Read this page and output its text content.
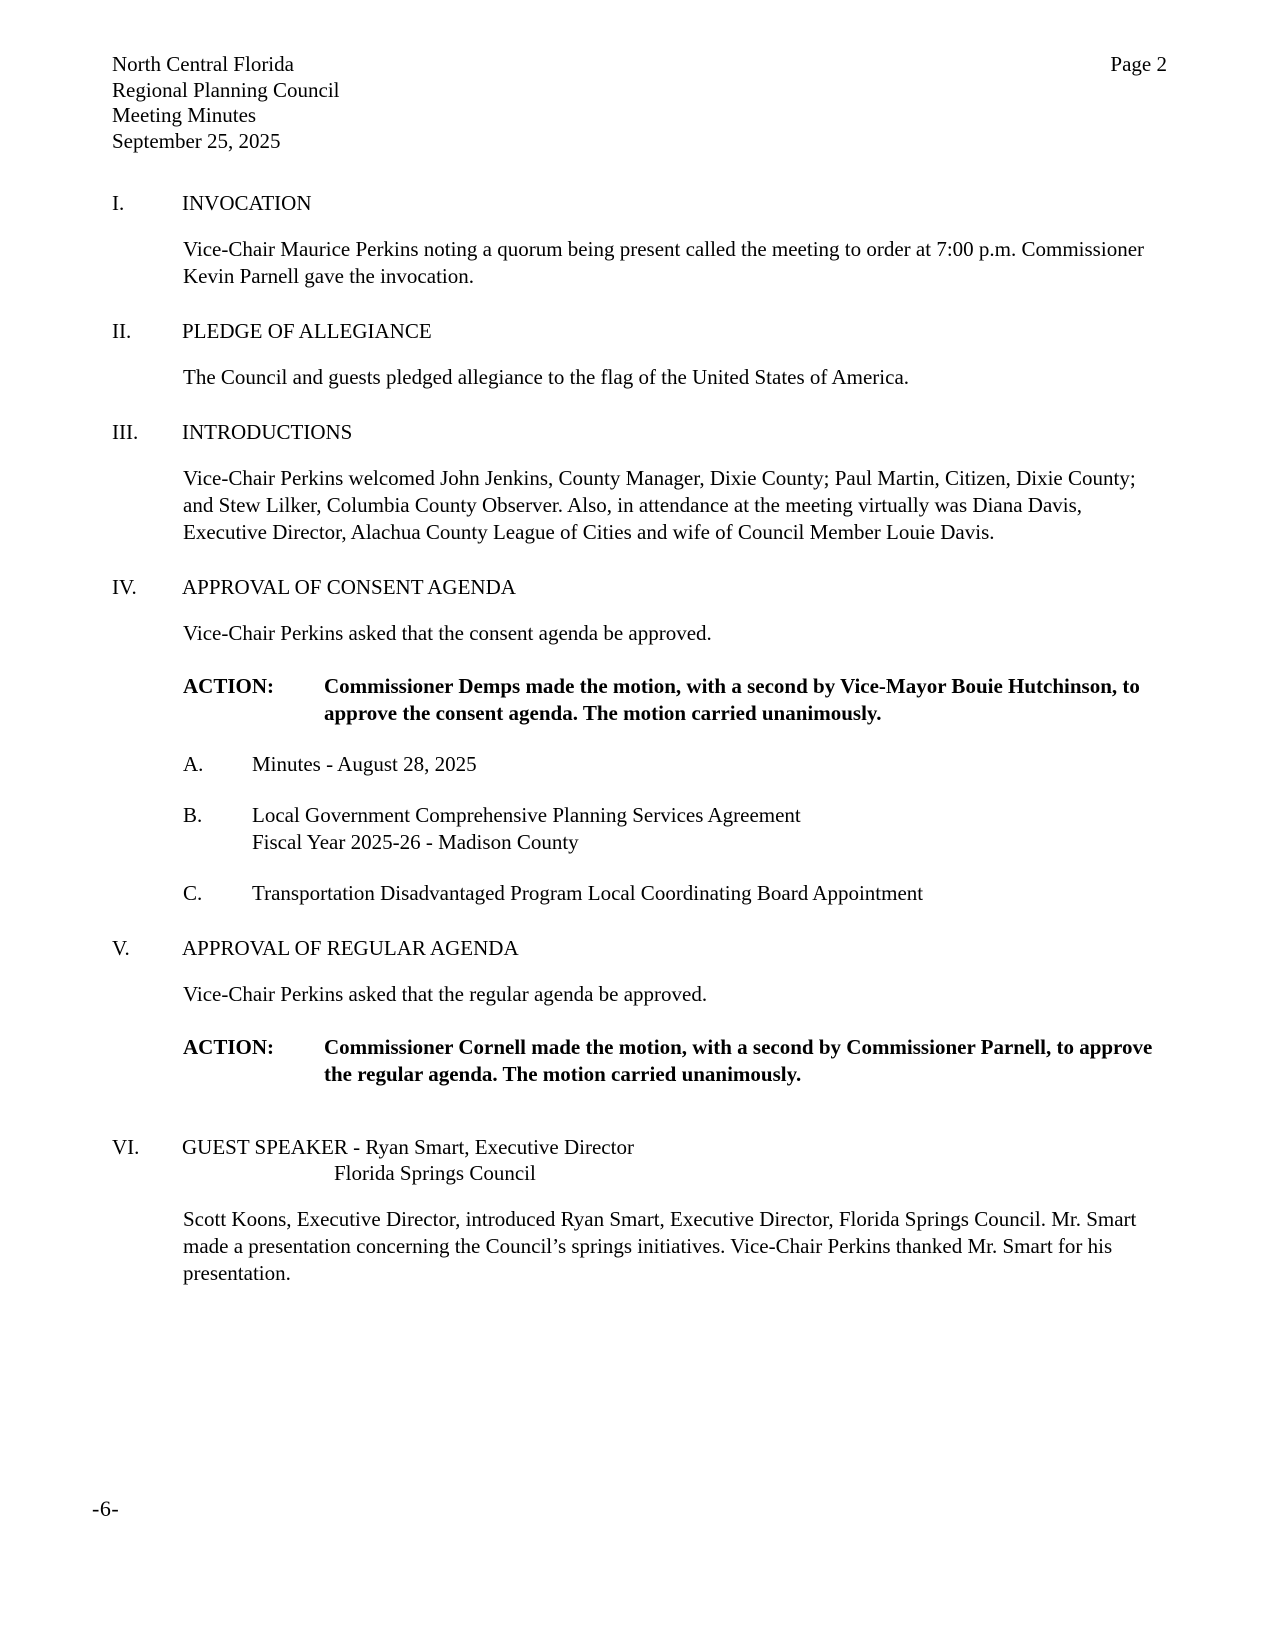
North Central Florida
Regional Planning Council
Meeting Minutes
September 25, 2025
Page 2
I.	INVOCATION
Vice-Chair Maurice Perkins noting a quorum being present called the meeting to order at 7:00 p.m. Commissioner Kevin Parnell gave the invocation.
II. PLEDGE OF ALLEGIANCE
The Council and guests pledged allegiance to the flag of the United States of America.
III. INTRODUCTIONS
Vice-Chair Perkins welcomed John Jenkins, County Manager, Dixie County; Paul Martin, Citizen, Dixie County; and Stew Lilker, Columbia County Observer. Also, in attendance at the meeting virtually was Diana Davis, Executive Director, Alachua County League of Cities and wife of Council Member Louie Davis.
IV. APPROVAL OF CONSENT AGENDA
Vice-Chair Perkins asked that the consent agenda be approved.
ACTION: Commissioner Demps made the motion, with a second by Vice-Mayor Bouie Hutchinson, to approve the consent agenda. The motion carried unanimously.
A. Minutes - August 28, 2025
B. Local Government Comprehensive Planning Services Agreement
Fiscal Year 2025-26 - Madison County
C. Transportation Disadvantaged Program Local Coordinating Board Appointment
V. APPROVAL OF REGULAR AGENDA
Vice-Chair Perkins asked that the regular agenda be approved.
ACTION: Commissioner Cornell made the motion, with a second by Commissioner Parnell, to approve the regular agenda. The motion carried unanimously.
VI. GUEST SPEAKER - Ryan Smart, Executive Director
Florida Springs Council
Scott Koons, Executive Director, introduced Ryan Smart, Executive Director, Florida Springs Council. Mr. Smart made a presentation concerning the Council’s springs initiatives. Vice-Chair Perkins thanked Mr. Smart for his presentation.
-6-
